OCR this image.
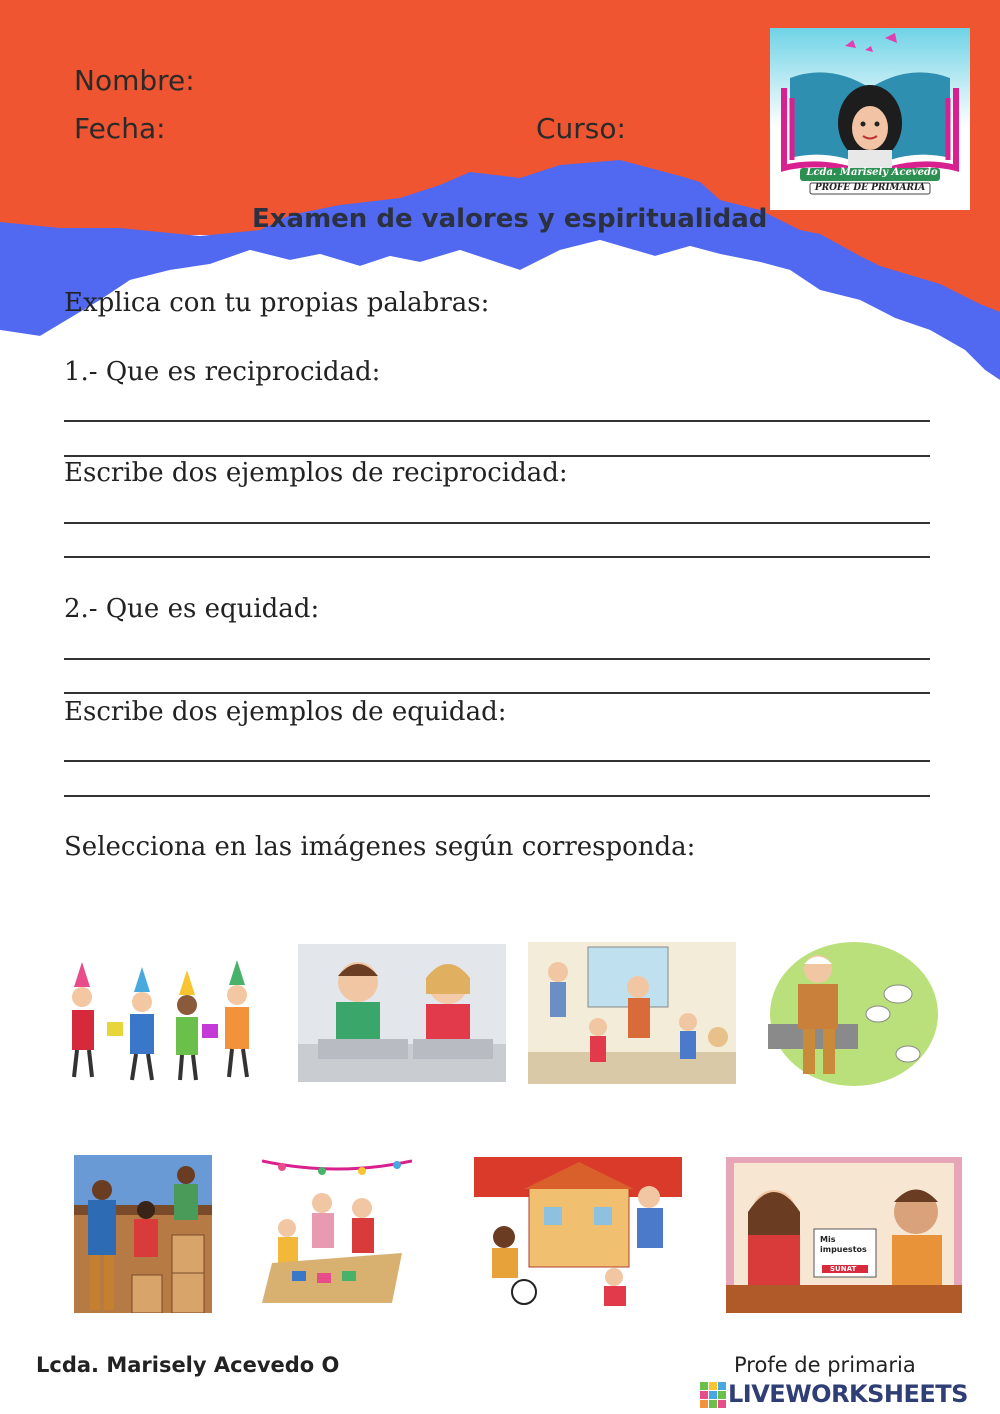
Nombre:
Fecha:	Curso:
Lcda. Marisely Acevedo
PROFE DE PRIMARIA
Examen de valores y espiritualidad
Explica con tu propias palabras:
1.- Que es reciprocidad:
Escribe dos ejemplos de reciprocidad:
2.- Que es equidad:
Escribe dos ejemplos de equidad:
Selecciona en las imágenes según corresponda:
Mis
impuestos
SUNAT
Lcda. Marisely Acevedo O	Profe de primaria
LIVEWORKSHEETS
